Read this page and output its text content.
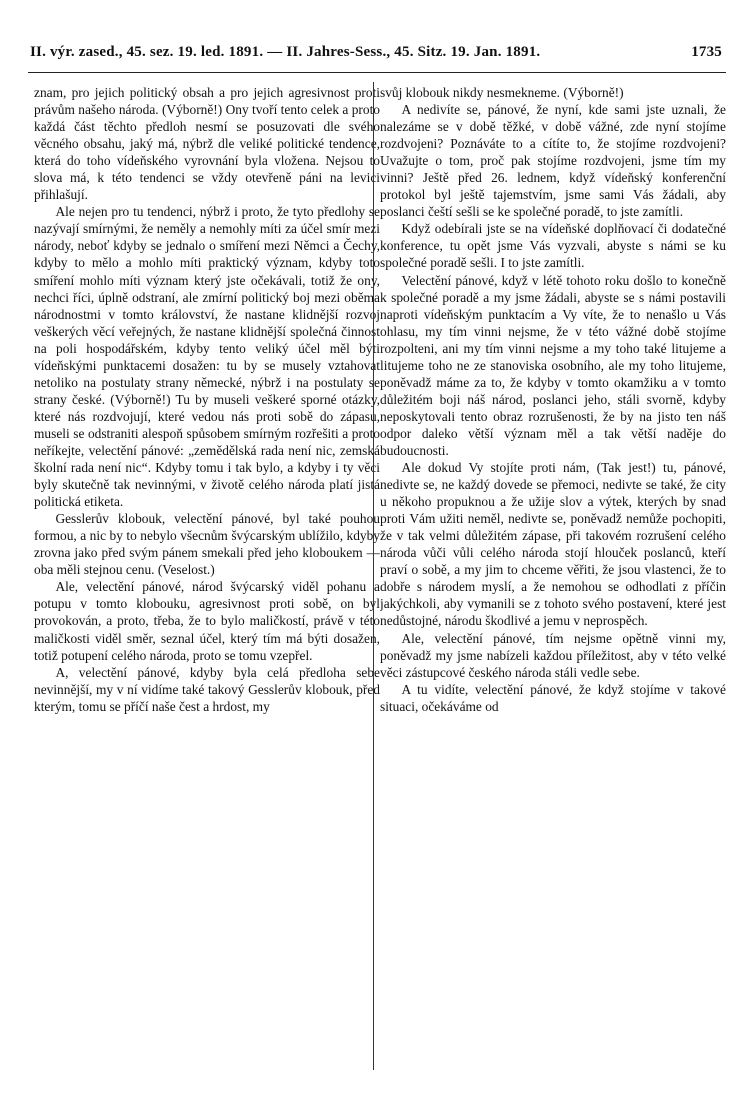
II. výr. zased., 45. sez. 19. led. 1891. — II. Jahres-Sess., 45. Sitz. 19. Jan. 1891.	1735

znam, pro jejich politický obsah a pro jejich agresivnost proti právům našeho národa. (Výborně!) Ony tvoří tento celek a proto každá část těchto předloh nesmí se posuzovati dle svého věcného obsahu, jaký má, nýbrž dle veliké politické tendence, která do toho vídeňského vyrovnání byla vložena. Nejsou to slova má, k této tendenci se vždy otevřeně páni na levici přihlašují.

Ale nejen pro tu tendenci, nýbrž i proto, že tyto předlohy se nazývají smírnými, že neměly a nemohly míti za účel smír mezi národy, neboť kdyby se jednalo o smíření mezi Němci a Čechy, kdyby to mělo a mohlo míti praktický význam, kdyby toto smíření mohlo míti význam který jste očekávali, totiž že ony, nechci říci, úplně odstraní, ale zmírní politický boj mezi oběma národnostmi v tomto království, že nastane klidnější rozvoj veškerých věcí veřejných, že nastane klidnější společná činnost na poli hospodářském, kdyby tento veliký účel měl býti vídeňskými punktacemi dosažen: tu by se musely vztahovat netoliko na postulaty strany německé, nýbrž i na postulaty se strany české. (Výborně!) Tu by museli veškeré sporné otázky, které nás rozdvojují, které vedou nás proti sobě do zápasu, museli se odstraniti alespoň spůsobem smírným rozřešiti a proto neříkejte, velectění pánové: „zemědělská rada není nic, zemská školní rada není nic“. Kdyby tomu i tak bylo, a kdyby i ty věci byly skutečně tak nevinnými, v životě celého národa platí jistá politická etiketa.

Gesslerův klobouk, velectění pánové, byl také pouhou formou, a nic by to nebylo všecnům švýcarským ublížilo, kdyby zrovna jako před svým pánem smekali před jeho kloboukem — oba měli stejnou cenu. (Veselost.)

Ale, velectění pánové, národ švýcarský viděl pohanu a potupu v tomto klobouku, agresivnost proti sobě, on byl provokován, a proto, třeba, že to bylo maličkostí, právě v této maličkosti viděl směr, seznal účel, který tím má býti dosažen, totiž potupení celého národa, proto se tomu vzepřel.

A, velectění pánové, kdyby byla celá předloha sebe nevinnější, my v ní vidíme také takový Gesslerův klobouk, před kterým, tomu se příčí naše čest a hrdost, my

svůj klobouk nikdy nesmekneme. (Výborně!)

A nedivíte se, pánové, že nyní, kde sami jste uznali, že nalezáme se v době těžké, v době vážné, zde nyní stojíme rozdvojeni? Poznáváte to a cítíte to, že stojíme rozdvojeni? Uvažujte o tom, proč pak stojíme rozdvojeni, jsme tím my vinni? Ještě před 26. lednem, když vídeňský konferenční protokol byl ještě tajemstvím, jsme sami Vás žádali, aby poslanci čeští sešli se ke společné poradě, to jste zamítli.

Když odebírali jste se na vídeňské doplňovací či dodatečné konference, tu opět jsme Vás vyzvali, abyste s námi se ku společné poradě sešli. I to jste zamítli.

Velectění pánové, když v létě tohoto roku došlo to konečně k společné poradě a my jsme žádali, abyste se s námi postavili naproti vídeňským punktacím a Vy víte, že to nenašlo u Vás ohlasu, my tím vinni nejsme, že v této vážné době stojíme rozpolteni, ani my tím vinni nejsme a my toho také litujeme a litujeme toho ne ze stanoviska osobního, ale my toho litujeme, poněvadž máme za to, že kdyby v tomto okamžiku a v tomto důležitém boji náš národ, poslanci jeho, stáli svorně, kdyby neposkytovali tento obraz rozrušenosti, že by na jisto ten náš odpor daleko větší význam měl a tak větší naděje do budoucnosti.

Ale dokud Vy stojíte proti nám, (Tak jest!) tu, pánové, nedivte se, ne každý dovede se přemoci, nedivte se také, že city u někoho propuknou a že užije slov a výtek, kterých by snad proti Vám užiti neměl, nedivte se, poněvadž nemůže pochopiti, že v tak velmi důležitém zápase, při takovém rozrušení celého národa vůči vůli celého národa stojí hlouček poslanců, kteří praví o sobě, a my jim to chceme věřiti, že jsou vlastenci, že to dobře s národem myslí, a že nemohou se odhodlati z příčin jakýchkoli, aby vymanili se z tohoto svého postavení, které jest nedůstojné, národu škodlivé a jemu v neprospěch.

Ale, velectění pánové, tím nejsme opětně vinni my, poněvadž my jsme nabízeli každou příležitost, aby v této velké věci zástupcové českého národa stáli vedle sebe.

A tu vidíte, velectění pánové, že když stojíme v takové situaci, očekáváme od
